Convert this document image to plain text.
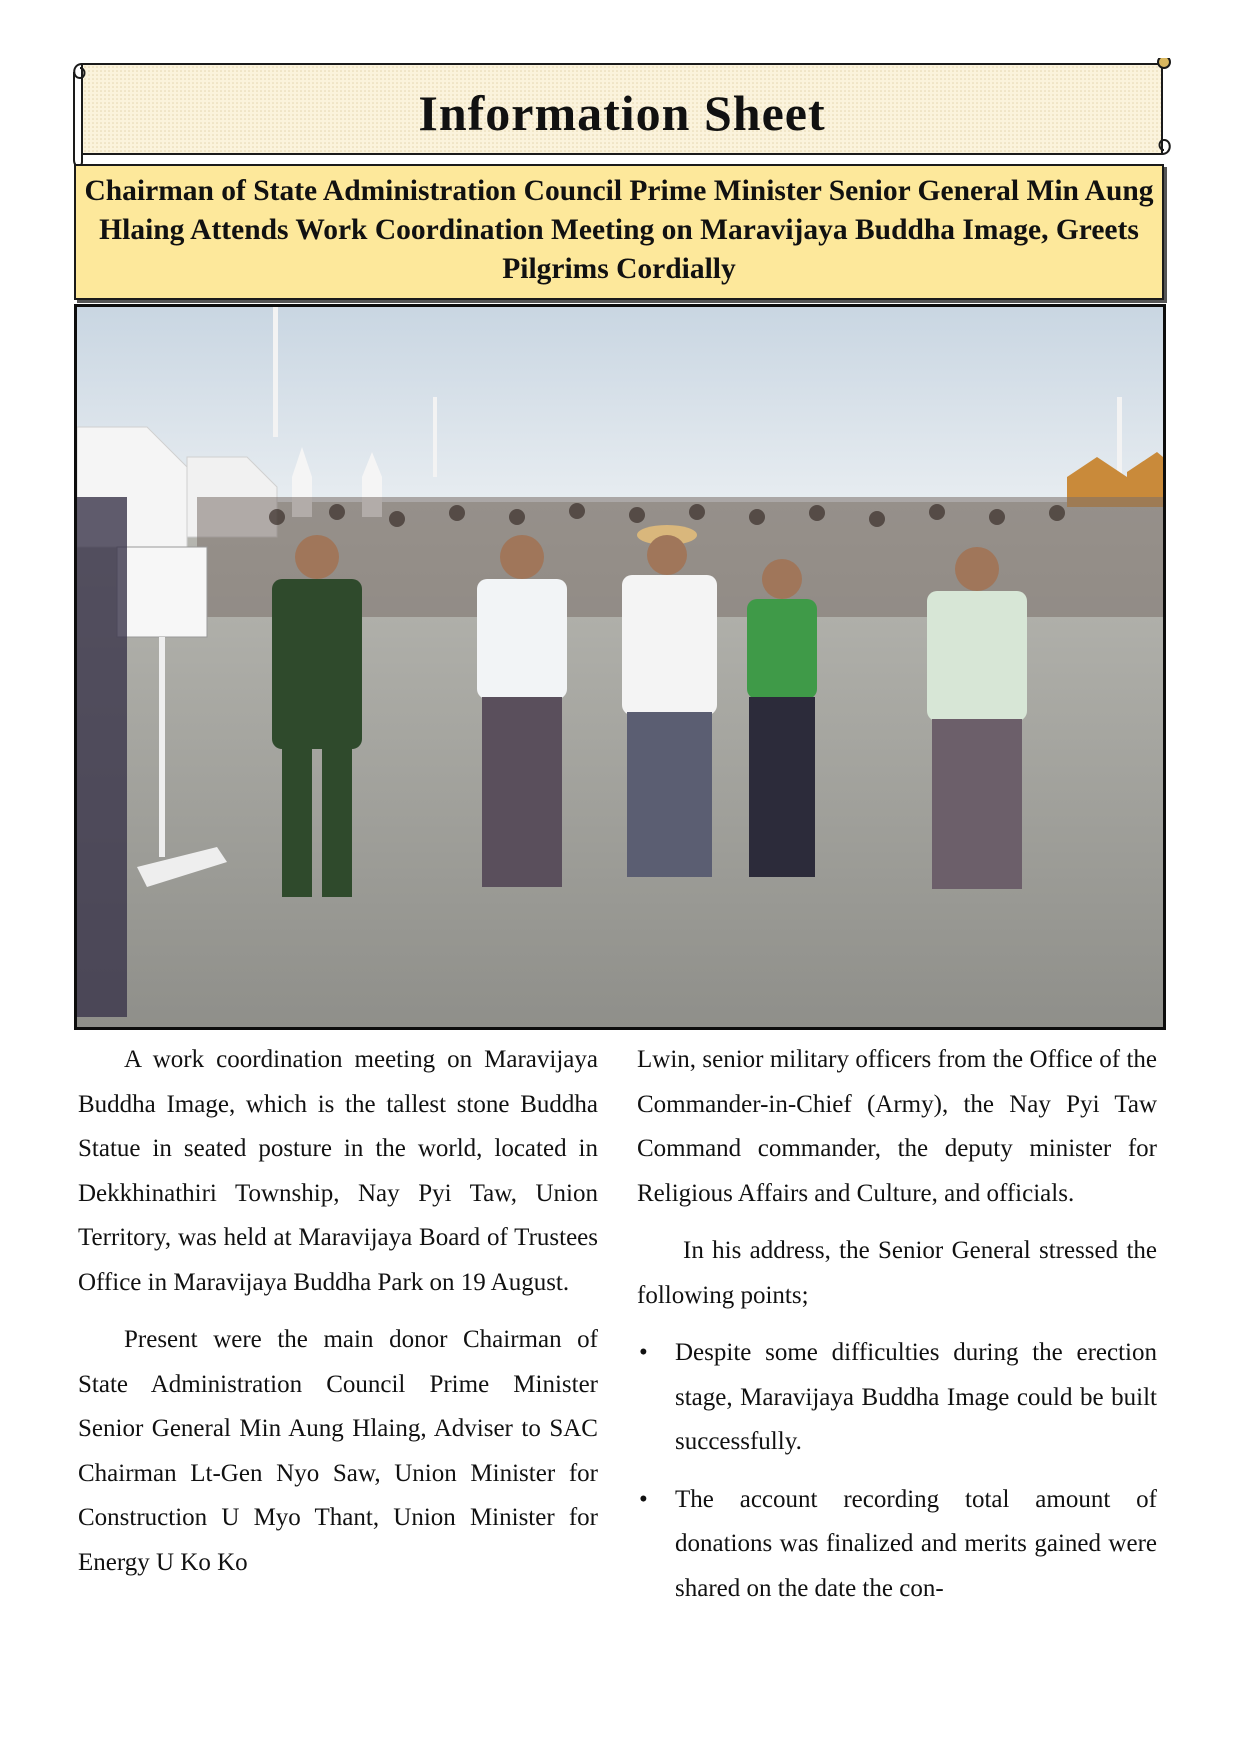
Information Sheet
Chairman of State Administration Council Prime Minister Senior General Min Aung Hlaing Attends Work Coordination Meeting on Maravijaya Buddha Image, Greets Pilgrims Cordially

A work coordination meeting on Maravijaya Buddha Image, which is the tallest stone Buddha Statue in seated posture in the world, located in Dekkhinathiri Township, Nay Pyi Taw, Union Territory, was held at Maravijaya Board of Trustees Office in Maravijaya Buddha Park on 19 August.

Present were the main donor Chairman of State Administration Council Prime Minister Senior General Min Aung Hlaing, Adviser to SAC Chairman Lt-Gen Nyo Saw, Union Minister for Construction U Myo Thant, Union Minister for Energy U Ko Ko

Lwin, senior military officers from the Office of the Commander-in-Chief (Army), the Nay Pyi Taw Command commander, the deputy minister for Religious Affairs and Culture, and officials.

In his address, the Senior General stressed the following points;

• Despite some difficulties during the erection stage, Maravijaya Buddha Image could be built successfully.
• The account recording total amount of donations was finalized and merits gained were shared on the date the con-
